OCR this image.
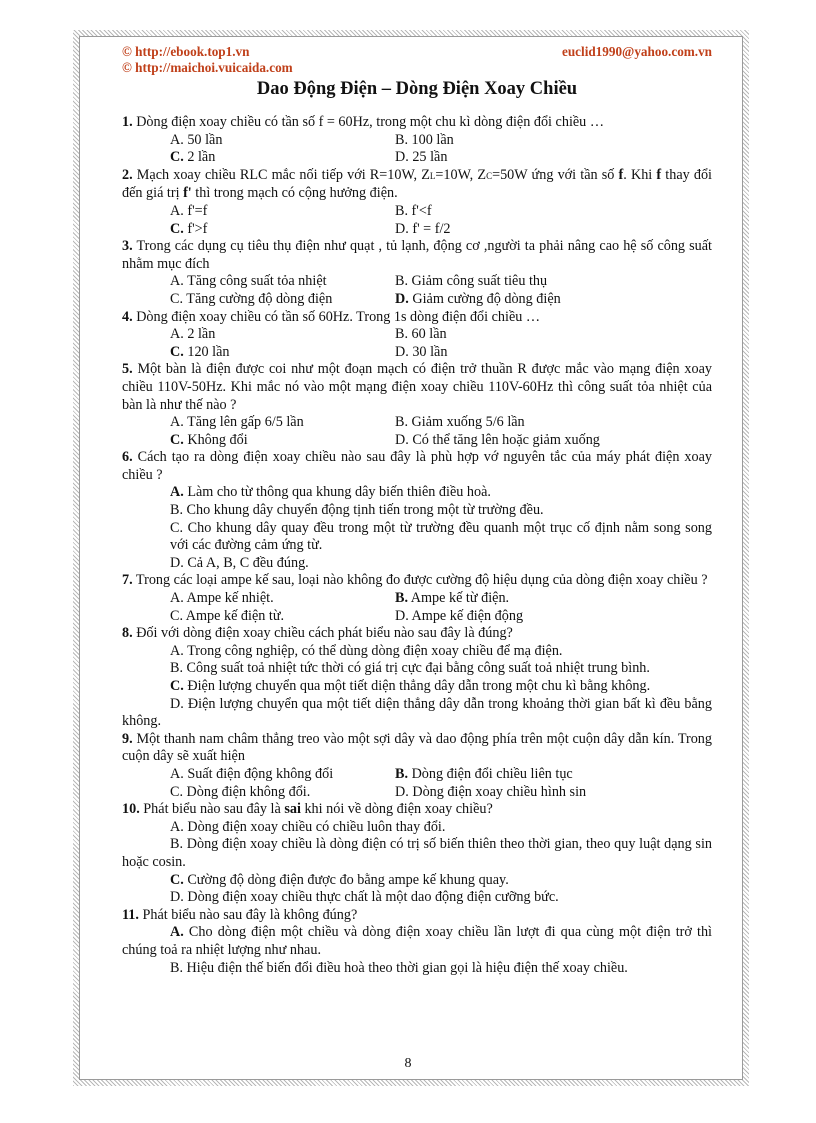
© http://ebook.top1.vn	euclid1990@yahoo.com.vn
© http://maichoi.vuicaida.com
Dao Động Điện – Dòng Điện Xoay Chiều
1. Dòng điện xoay chiều có tần số f = 60Hz, trong một chu kì dòng điện đổi chiều …
A. 50 lần	B. 100 lần
C. 2 lần	D. 25 lần
2. Mạch xoay chiều RLC mắc nối tiếp với R=10W, ZL=10W, ZC=50W ứng với tần số f. Khi f thay đổi đến giá trị f' thì trong mạch có cộng hưởng điện.
A. f'=f	B. f'<f
C. f'>f	D. f' = f/2
3. Trong các dụng cụ tiêu thụ điện như quạt , tủ lạnh, động cơ ,người ta phải nâng cao hệ số công suất nhằm mục đích
A. Tăng công suất tỏa nhiệt	B. Giảm công suất tiêu thụ
C. Tăng cường độ dòng điện	D. Giảm cường độ dòng điện
4. Dòng điện xoay chiều có tần số 60Hz. Trong 1s dòng điện đổi chiều …
A. 2 lần	B. 60 lần
C. 120 lần	D. 30 lần
5. Một bàn là điện được coi như một đoạn mạch có điện trở thuần R được mắc vào mạng điện xoay chiều 110V-50Hz. Khi mắc nó vào một mạng điện xoay chiều 110V-60Hz thì công suất tỏa nhiệt của bàn là như thế nào ?
A. Tăng lên gấp 6/5 lần	B. Giảm xuống 5/6 lần
C. Không đổi	D. Có thể tăng lên hoặc giảm xuống
6. Cách tạo ra dòng điện xoay chiều nào sau đây là phù hợp vớ nguyên tắc của máy phát điện xoay chiều ?
A. Làm cho từ thông qua khung dây biến thiên điều hoà.
B. Cho khung dây chuyển động tịnh tiến trong một từ trường đều.
C. Cho khung dây quay đều trong một từ trường đều quanh một trục cố định nằm song song với các đường cảm ứng từ.
D. Cả A, B, C đều đúng.
7. Trong các loại ampe kế sau, loại nào không đo được cường độ hiệu dụng của dòng điện xoay chiều ?
A. Ampe kế nhiệt.	B. Ampe kế từ điện.
C. Ampe kế điện từ.	D. Ampe kế điện động
8. Đối với dòng điện xoay chiều cách phát biểu nào sau đây là đúng?
A. Trong công nghiệp, có thể dùng dòng điện xoay chiều để mạ điện.
B. Công suất toả nhiệt tức thời có giá trị cực đại bằng công suất toả nhiệt trung bình.
C. Điện lượng chuyển qua một tiết diện thẳng dây dẫn trong một chu kì bằng không.
D. Điện lượng chuyển qua một tiết diện thẳng dây dẫn trong khoảng thời gian bất kì đều bằng không.
9. Một thanh nam châm thẳng treo vào một sợi dây và dao động phía trên một cuộn dây dẫn kín. Trong cuộn dây sẽ xuất hiện
A. Suất điện động không đổi	B. Dòng điện đổi chiều liên tục
C. Dòng điện không đổi.	D. Dòng điện xoay chiều hình sin
10. Phát biểu nào sau đây là sai khi nói về dòng điện xoay chiều?
A. Dòng điện xoay chiều có chiều luôn thay đổi.
B. Dòng điện xoay chiều là dòng điện có trị số biến thiên theo thời gian, theo quy luật dạng sin hoặc cosin.
C. Cường độ dòng điện được đo bằng ampe kế khung quay.
D. Dòng điện xoay chiều thực chất là một dao động điện cưỡng bức.
11. Phát biểu nào sau đây là không đúng?
A. Cho dòng điện một chiều và dòng điện xoay chiều lần lượt đi qua cùng một điện trở thì chúng toả ra nhiệt lượng như nhau.
B. Hiệu điện thế biến đổi điều hoà theo thời gian gọi là hiệu điện thế xoay chiều.
8
